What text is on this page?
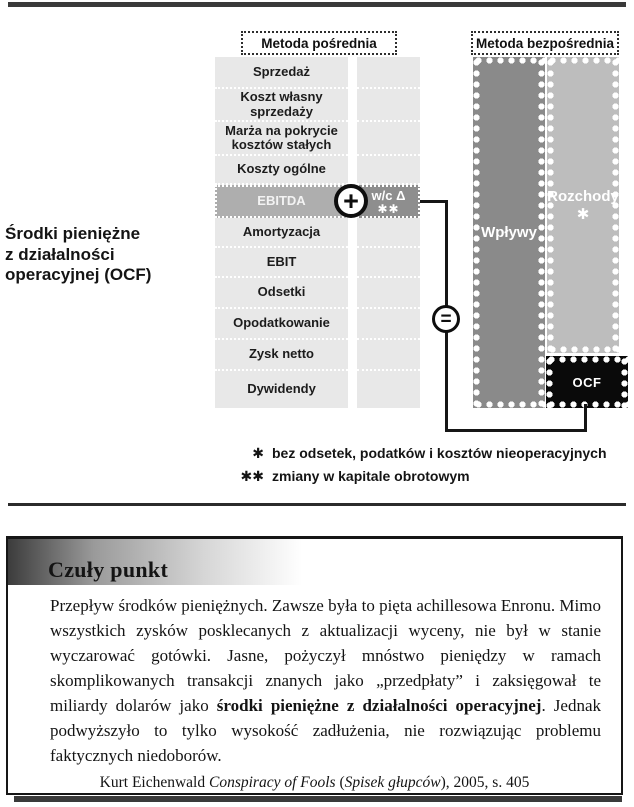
Środki pieniężne
z działalności
operacyjnej (OCF)
Metoda pośrednia	Metoda bezpośrednia
Sprzedaż
Koszt własny sprzedaży
Marża na pokrycie kosztów stałych
Koszty ogólne
EBITDA
Amortyzacja
EBIT
Odsetki
Opodatkowanie
Zysk netto
Dywidendy
w/c Δ
✱✱
+
=
Wpływy
Rozchody
✱
OCF
✱ bez odsetek, podatków i kosztów nieoperacyjnych
✱✱ zmiany w kapitale obrotowym
Czuły punkt
Przepływ środków pieniężnych. Zawsze była to pięta achillesowa Enronu. Mimo wszystkich zysków posklecanych z aktualizacji wyceny, nie był w stanie wyczarować gotówki. Jasne, pożyczył mnóstwo pieniędzy w ramach skomplikowanych transakcji znanych jako „przedpłaty” i zaksięgował te miliardy dolarów jako środki pieniężne z działalności operacyjnej. Jednak podwyższyło to tylko wysokość zadłużenia, nie rozwiązując problemu faktycznych niedoborów.
Kurt Eichenwald Conspiracy of Fools (Spisek głupców), 2005, s. 405
